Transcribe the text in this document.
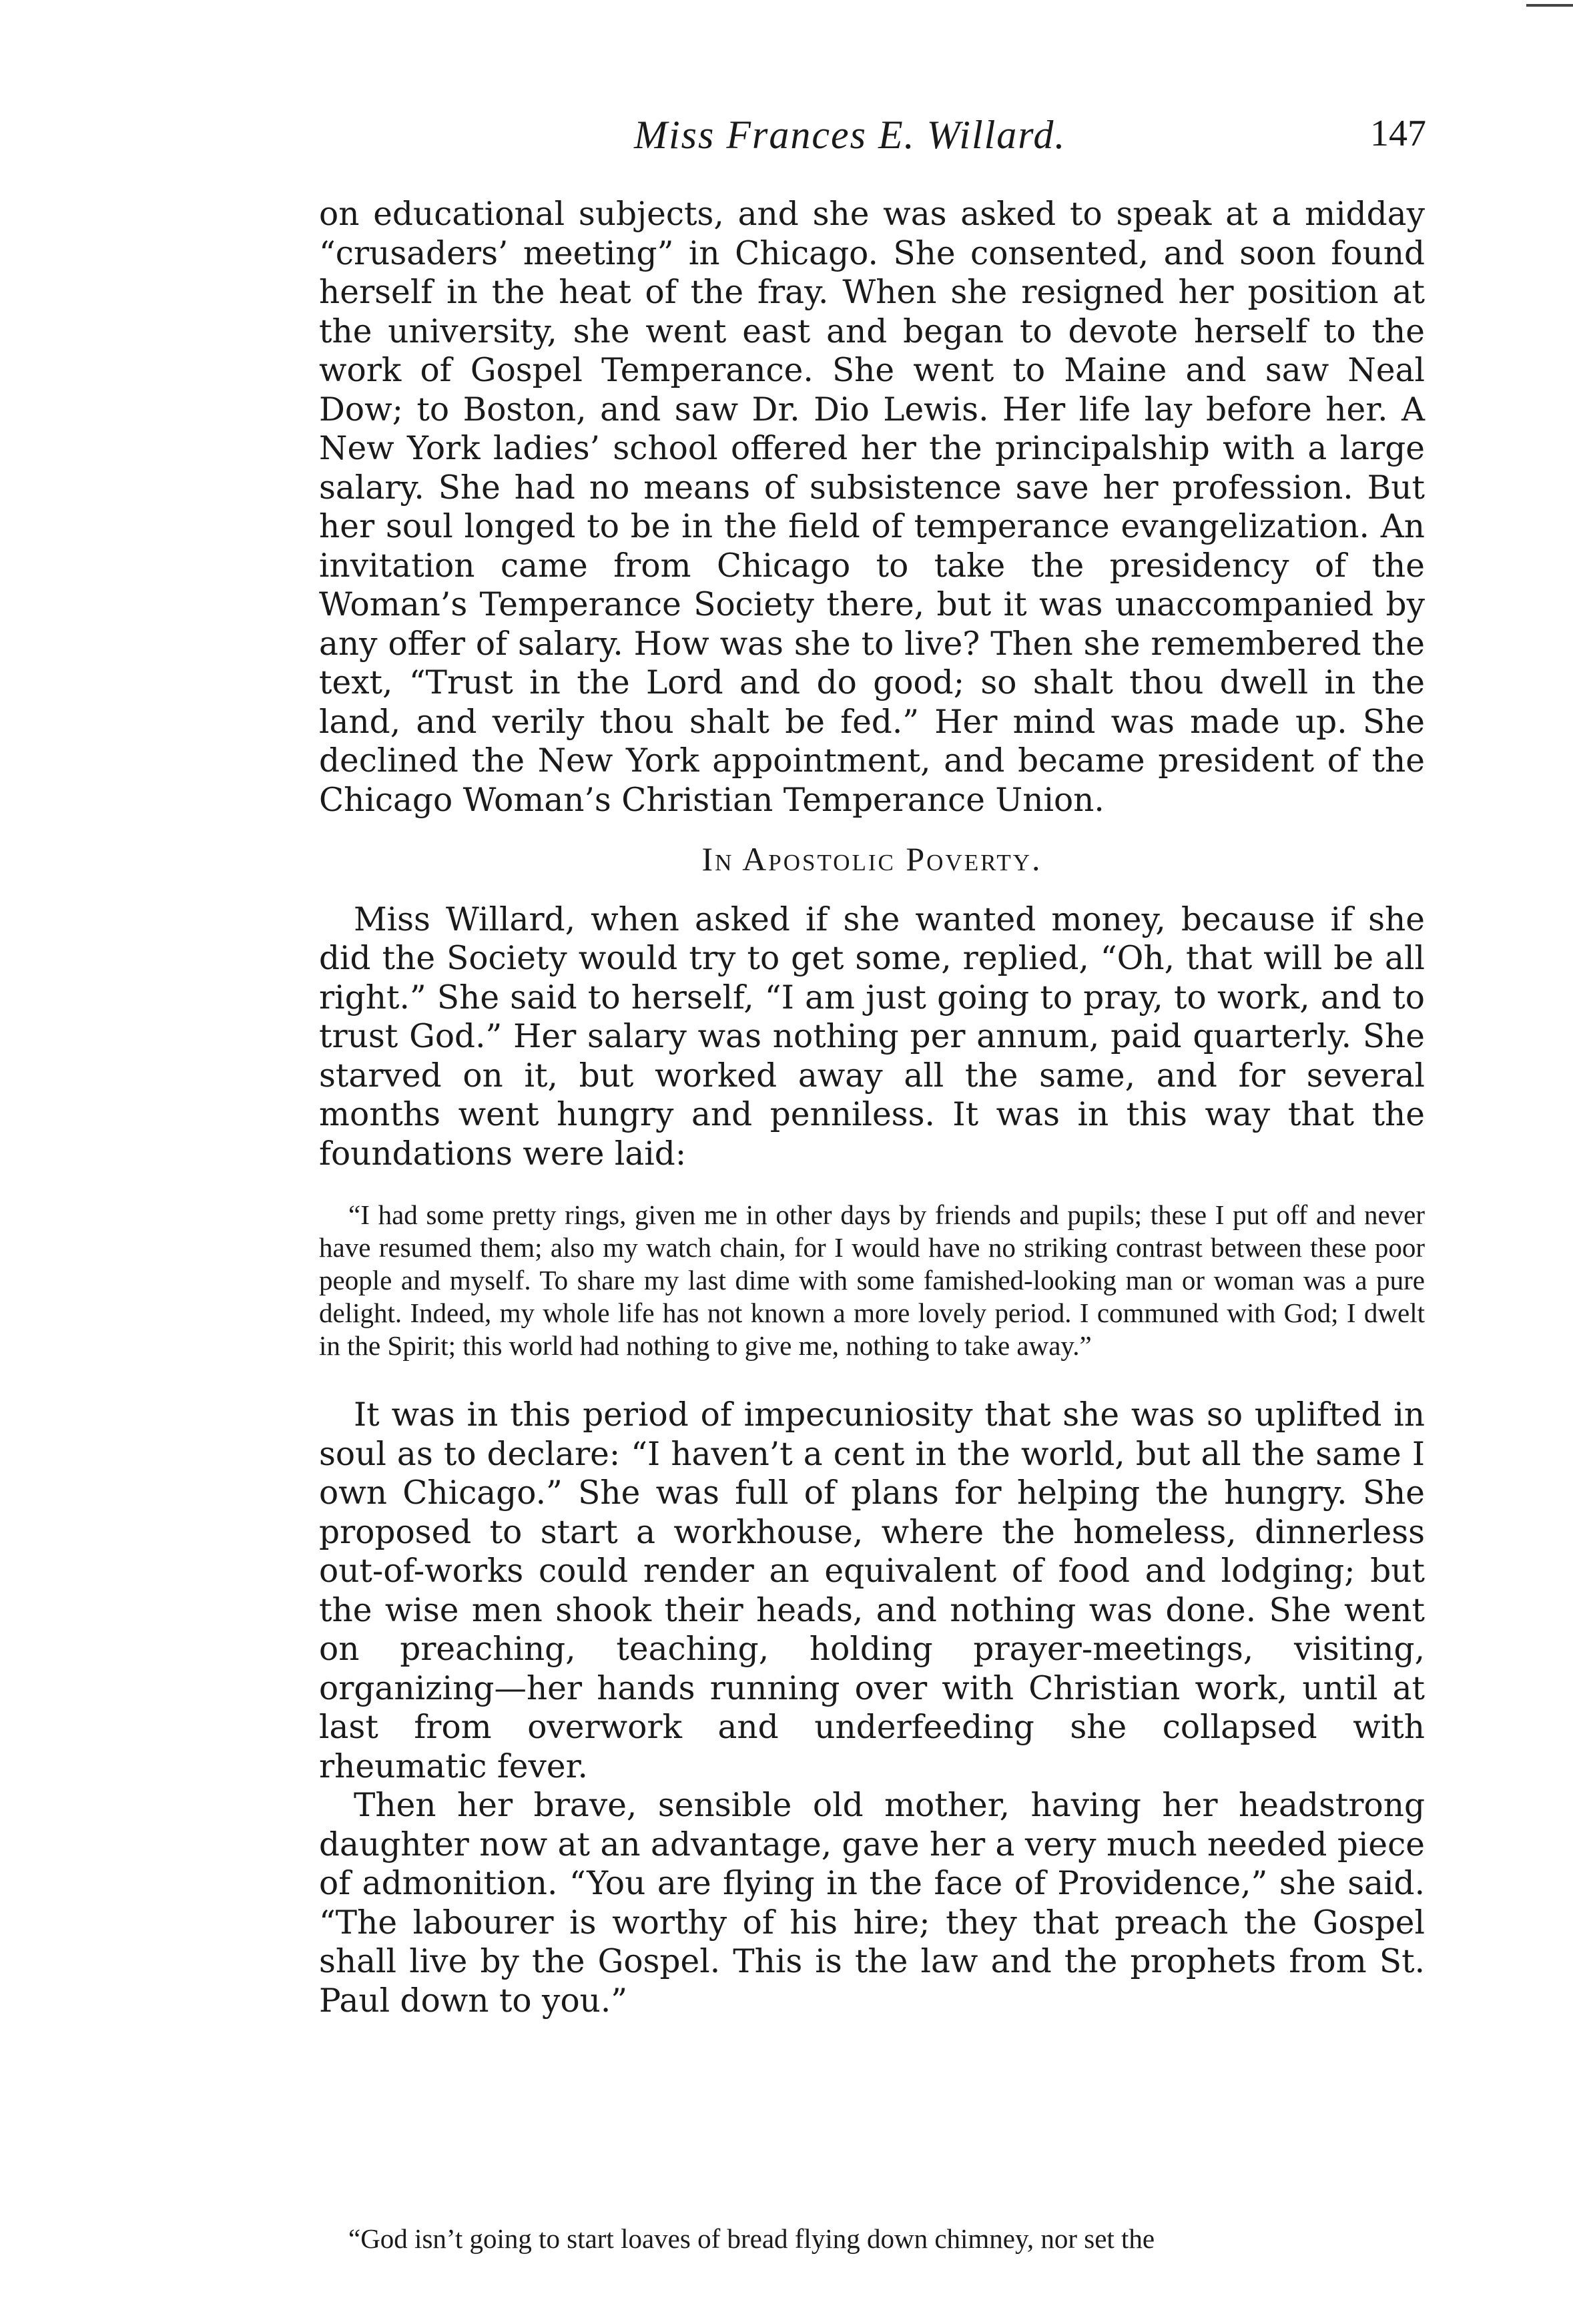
Miss Frances E. Willard.	147

on educational subjects, and she was asked to speak at a midday “crusaders’ meeting” in Chicago. She consented, and soon found herself in the heat of the fray. When she resigned her position at the university, she went east and began to devote herself to the work of Gospel Temperance. She went to Maine and saw Neal Dow; to Boston, and saw Dr. Dio Lewis. Her life lay before her. A New York ladies’ school offered her the principalship with a large salary. She had no means of subsistence save her profession. But her soul longed to be in the field of temperance evangelization. An invitation came from Chicago to take the presidency of the Woman’s Temperance Society there, but it was unaccompanied by any offer of salary. How was she to live? Then she remembered the text, “Trust in the Lord and do good; so shalt thou dwell in the land, and verily thou shalt be fed.” Her mind was made up. She declined the New York appointment, and became president of the Chicago Woman’s Christian Temperance Union.

In Apostolic Poverty.

Miss Willard, when asked if she wanted money, because if she did the Society would try to get some, replied, “Oh, that will be all right.” She said to herself, “I am just going to pray, to work, and to trust God.” Her salary was nothing per annum, paid quarterly. She starved on it, but worked away all the same, and for several months went hungry and penniless. It was in this way that the foundations were laid:

“I had some pretty rings, given me in other days by friends and pupils; these I put off and never have resumed them; also my watch chain, for I would have no striking contrast between these poor people and myself. To share my last dime with some famished-looking man or woman was a pure delight. Indeed, my whole life has not known a more lovely period. I communed with God; I dwelt in the Spirit; this world had nothing to give me, nothing to take away.”

It was in this period of impecuniosity that she was so uplifted in soul as to declare: “I haven’t a cent in the world, but all the same I own Chicago.” She was full of plans for helping the hungry. She proposed to start a workhouse, where the homeless, dinnerless out-of-works could render an equivalent of food and lodging; but the wise men shook their heads, and nothing was done. She went on preaching, teaching, holding prayer-meetings, visiting, organizing—her hands running over with Christian work, until at last from overwork and underfeeding she collapsed with rheumatic fever.

Then her brave, sensible old mother, having her headstrong daughter now at an advantage, gave her a very much needed piece of admonition. “You are flying in the face of Providence,” she said. “The labourer is worthy of his hire; they that preach the Gospel shall live by the Gospel. This is the law and the prophets from St. Paul down to you.”

“God isn’t going to start loaves of bread flying down chimney, nor set the
